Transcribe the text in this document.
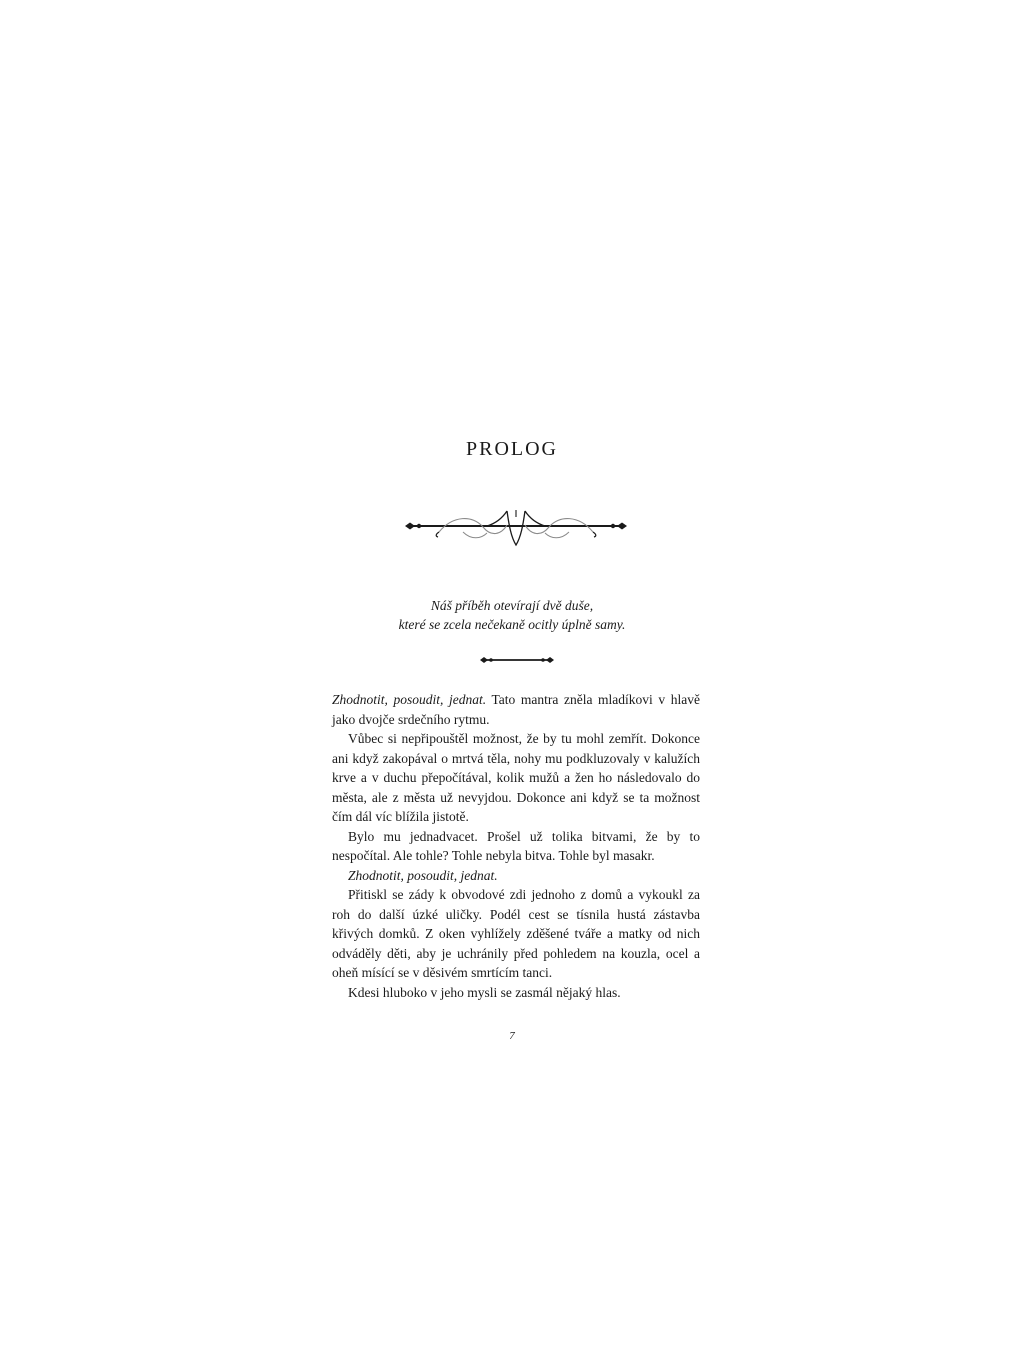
PROLOG
Náš příběh otevírají dvě duše,
které se zcela nečekaně ocitly úplně samy.

Zhodnotit, posoudit, jednat. Tato mantra zněla mladíkovi v hlavě jako dvojče srdečního rytmu.

Vůbec si nepřipouštěl možnost, že by tu mohl zemřít. Dokonce ani když zakopával o mrtvá těla, nohy mu podkluzovaly v kalužích krve a v duchu přepočítával, kolik mužů a žen ho následovalo do města, ale z města už nevyjdou. Dokonce ani když se ta možnost čím dál víc blížila jistotě.

Bylo mu jednadvacet. Prošel už tolika bitvami, že by to nespočítal. Ale tohle? Tohle nebyla bitva. Tohle byl masakr.

Zhodnotit, posoudit, jednat.

Přitiskl se zády k obvodové zdi jednoho z domů a vykoukl za roh do další úzké uličky. Podél cest se tísnila hustá zástavba křivých domků. Z oken vyhlížely zděšené tváře a matky od nich odváděly děti, aby je uchránily před pohledem na kouzla, ocel a oheň mísící se v děsivém smrtícím tanci.

Kdesi hluboko v jeho mysli se zasmál nějaký hlas.

7
